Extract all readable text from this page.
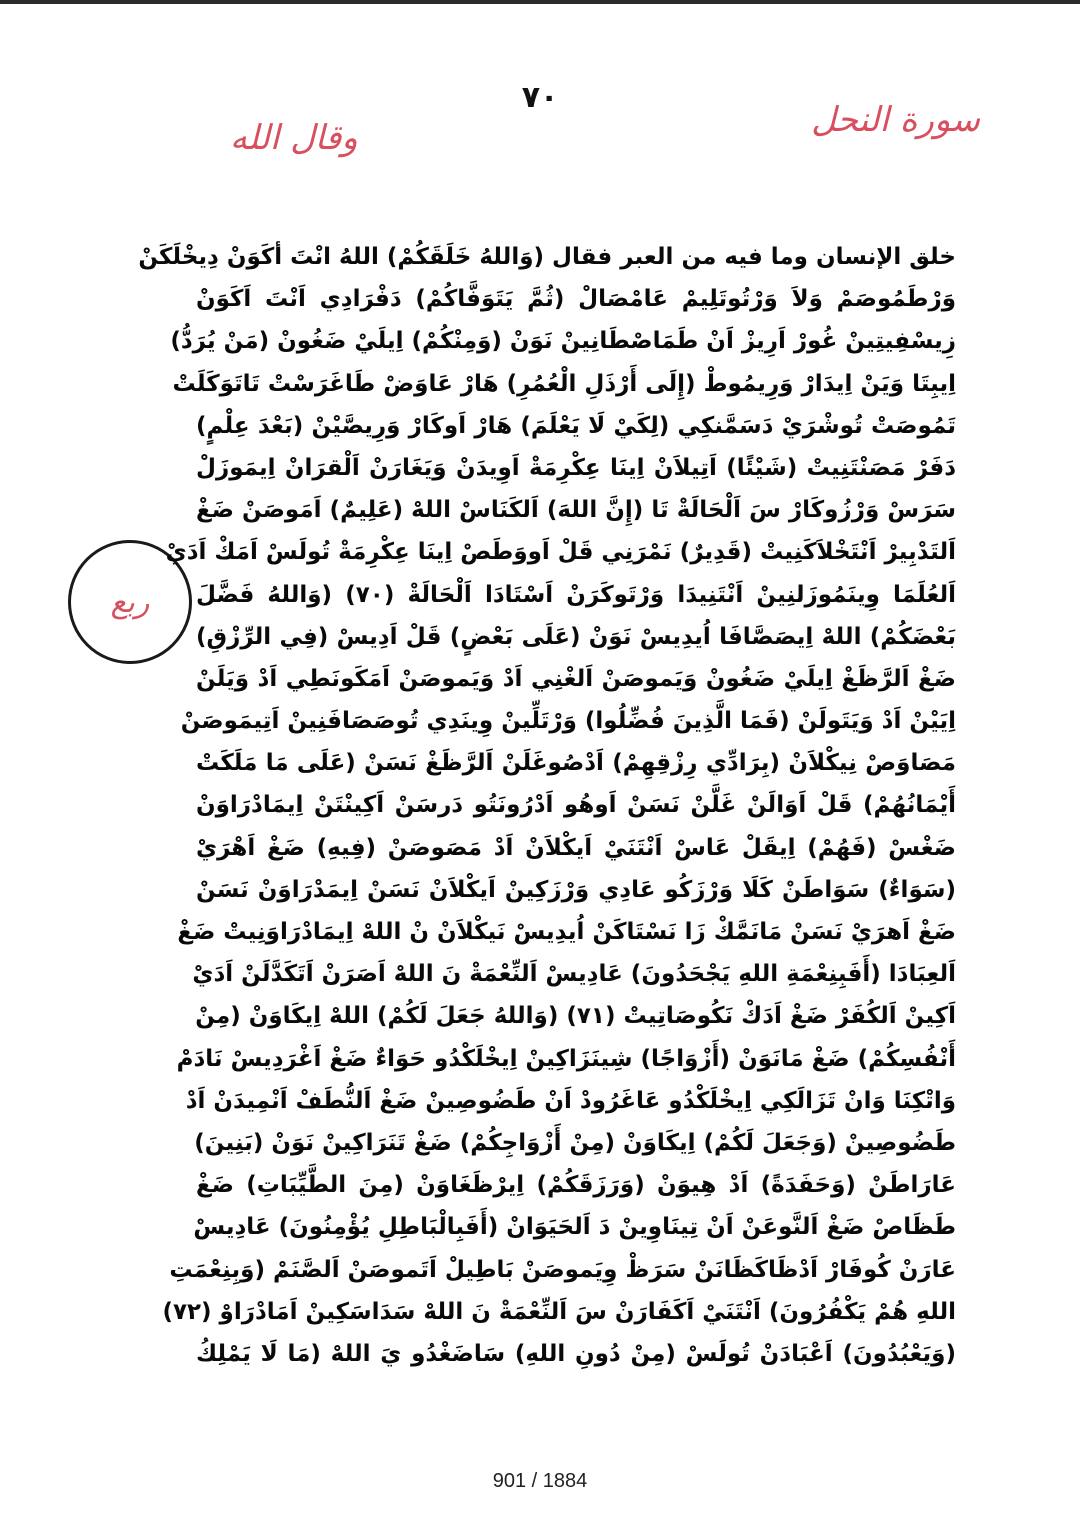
٧٠
سورة النحل
وقال الله
ربع
خلق الإنسان وما فيه من العبر فقال (وَاللهُ خَلَقَكُمْ) اللهُ انْتَ أكَوَنْ دِيخْلَكَنْ
وَرْطَمُوصَمْ وَلاَ وَرْتُوتَلِيمْ عَامْصَالْ (ثُمَّ يَتَوَفَّاكُمْ) دَفْرَادِي اَنْتَ اَكَوَنْ
زِيسْفِيتِينْ غُورْ اَرِيزْ اَنْ طَمَاصْطَانِينْ نَوَنْ (وَمِنْكُمْ) اِيلَيْ ضَغُونْ (مَنْ يُرَدُّ)
اِيبِتَا وَيَنْ اِيدَارْ وَرِيمُوطْ (إِلَى أَرْذَلِ الْعُمُرِ) هَارْ عَاوَضْ طَاغَرَسْتْ تَاتَوَكَلَتْ
تَمُوصَتْ تُوشْرَيْ دَسَمَّنكِي (لِكَيْ لَا يَعْلَمَ) هَارْ اَوكَارْ وَرِيصَّيْنْ (بَعْدَ عِلْمٍ)
دَفَرْ مَصَنْتَنِيتْ (شَيْئًا) اَتِيلاَنْ اِينَا عِكْرِمَةْ اَوِيدَنْ وَيَغَارَنْ اَلْقرَانْ اِيمَوزَلْ
سَرَسْ وَرْزُوكَارْ سَ اَلْحَالَةْ تَا (إِنَّ اللهَ) اَلكَنَاسْ اللهْ (عَلِيمٌ) اَمَوصَنْ ضَغْ
اَلتَدْبِيرْ اَنْتَخْلاَكَنِيتْ (قَدِيرٌ) نَمْرَنِي قَلْ اَووَطَصْ اِينَا عِكْرِمَةْ تُولَسْ اَمَكْ اَدَيْ
اَلعُلَمَا وِينَمُوزَلنِينْ اَنْتَنِيدَا وَرْتَوكَرَنْ اَسْتَادَا اَلْحَالَةْ (٧٠) (وَاللهُ فَضَّلَ
بَعْضَكُمْ) اللهْ اِيصَصَّافَا اُيدِيسْ نَوَنْ (عَلَى بَعْضٍ) قَلْ اَدِيسْ (فِي الرِّزْقِ)
ضَغْ اَلرَّظَغْ اِيلَيْ ضَغُونْ وَيَموصَنْ اَلغْنِي اَدْ وَيَموصَنْ اَمَكَونَطِي اَدْ وَيَلَنْ
اِيَيْنْ اَدْ وَيَتَولَنْ (فَمَا الَّذِينَ فُضِّلُوا) وَرْتَلِّينْ وِينَدِي تُوصَصَافَنِينْ اَتِيمَوصَنْ
مَصَاوَصْ نِيكْلاَنْ (بِرَادِّي رِزْقِهِمْ) اَدْصُوغَلَنْ اَلرَّظَغْ نَسَنْ (عَلَى مَا مَلَكَتْ
أَيْمَانُهُمْ) قَلْ اَوَالَنْ غَلَّنْ نَسَنْ اَوهُو اَدْرُونَتُو دَرسَنْ اَكِينْتَنْ اِيمَادْرَاوَنْ
ضَغْسْ (فَهُمْ) اِيقَلْ عَاسْ اَنْتَنَيْ اَيكْلاَنْ اَدْ مَصَوصَنْ (فِيهِ) ضَغْ اَهْرَيْ
(سَوَاءٌ) سَوَاطَنْ كَلَا وَرْزَكُو عَادِي وَرْزَكِينْ اَيكْلاَنْ نَسَنْ اِيمَدْرَاوَنْ نَسَنْ
ضَغْ اَهرَيْ نَسَنْ مَانَمَّكْ زَا نَسْتَاكَنْ اُيدِيسْ نَيكْلاَنْ نْ اللهْ اِيمَادْرَاوَنِيتْ ضَغْ
اَلعِبَادَا (أَفَبِنِعْمَةِ اللهِ يَجْحَدُونَ) عَادِيسْ اَلنِّعْمَةْ نَ اللهْ اَصَرَنْ اَتَكَدَّلَنْ اَدَيْ
اَكِينْ اَلكُفَرْ ضَغْ اَدَكْ نَكُوصَاتِيتْ (٧١) (وَاللهُ جَعَلَ لَكُمْ) اللهْ اِيكَاوَنْ (مِنْ
أَنْفُسِكُمْ) ضَغْ مَانَوَنْ (أَزْوَاجًا) شِينَزَاكِينْ اِيخْلَكْدُو حَوَاءٌ ضَغْ اَغْرَدِيسْ نَادَمْ
وَاتْكِنَا وَانْ تَزَالَكِي اِيخْلَكْدُو عَاغَرُودْ اَنْ طَضُوصِينْ ضَغْ اَلنُّطَفْ اَنْمِيدَنْ اَدْ
طَضُوصِينْ (وَجَعَلَ لَكُمْ) اِيكَاوَنْ (مِنْ أَزْوَاجِكُمْ) ضَغْ تَنَرَاكِينْ نَوَنْ (بَنِينَ)
عَارَاطَنْ (وَحَفَدَةً) اَدْ هِيوَنْ (وَرَزَقَكُمْ) اِيرْظَغَاوَنْ (مِنَ الطَّيِّبَاتِ) ضَغْ
طَظَاصْ ضَغْ اَلنَّوعَنْ اَنْ تِينَاوِينْ دَ اَلحَيَوَانْ (أَفَبِالْبَاطِلِ يُؤْمِنُونَ) عَادِيسْ
عَارَنْ كُوفَارْ اَدْظَاكَظَانَنْ سَرَظْ وِيَموصَنْ بَاطِيلْ اَتَموصَنْ اَلصَّنَمْ (وَبِنِعْمَتِ
اللهِ هُمْ يَكْفُرُونَ) اَنْتَنَيْ اَكَفَارَنْ سَ اَلنِّعْمَةْ نَ اللهْ سَدَاسَكِينْ اَمَادْرَاوْ (٧٢)
(وَيَعْبُدُونَ) اَعْبَادَنْ تُولَسْ (مِنْ دُونِ اللهِ) سَاضَغْدُو يَ اللهْ (مَا لَا يَمْلِكُ
901 / 1884
